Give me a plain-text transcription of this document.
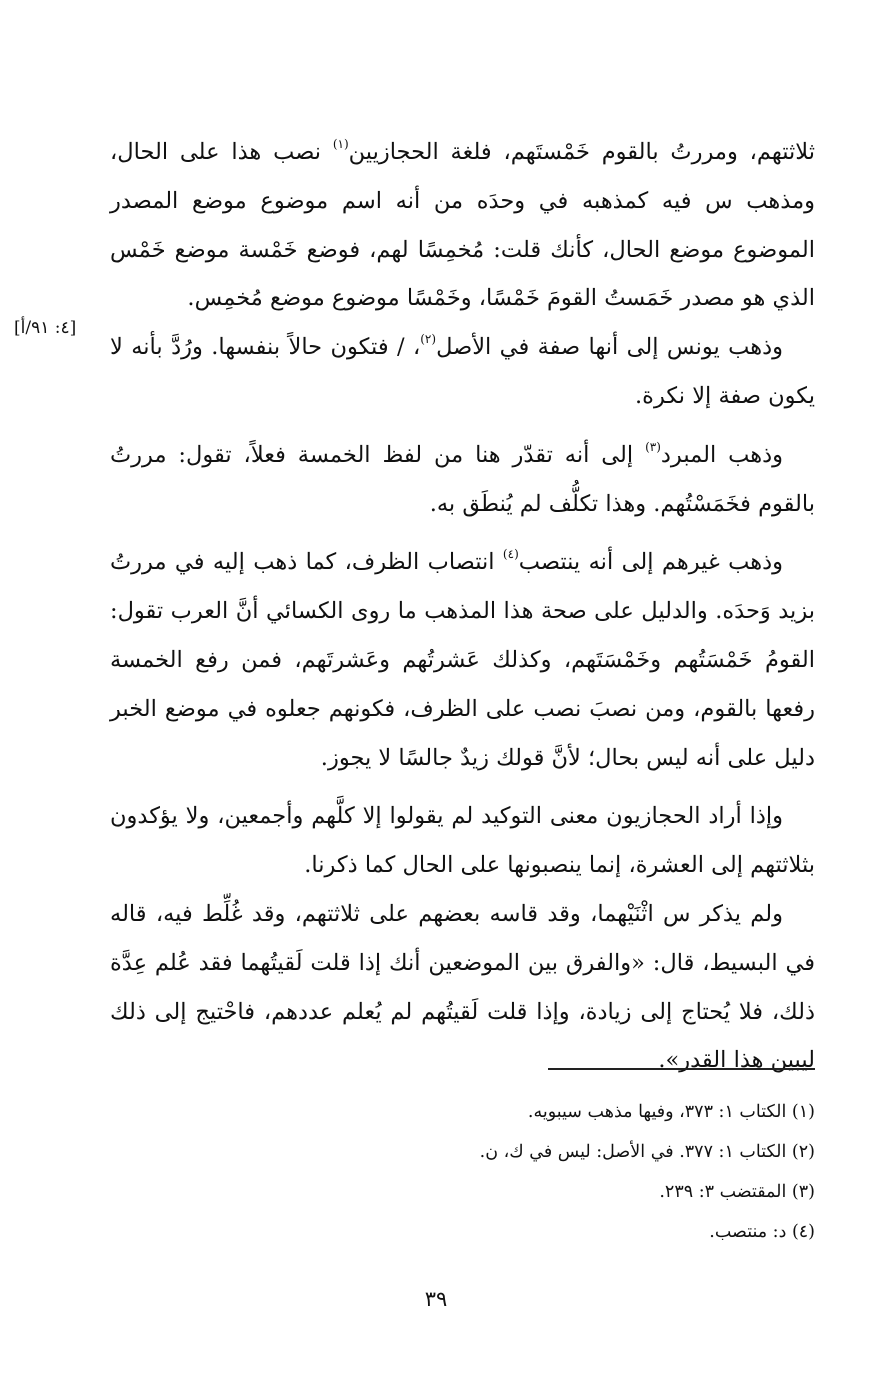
ثلاثتهم، ومررتُ بالقوم خَمْستَهم، فلغة الحجازيين$^{(١)}$ نصب هذا على الحال، ومذهب س فيه كمذهبه في وحدَه من أنه اسم موضوع موضع المصدر الموضوع موضع الحال، كأنك قلت: مُخمِسًا لهم، فوضع خَمْسة موضع خَمْس الذي هو مصدر خَمَستُ القومَ خَمْسًا، وخَمْسًا موضوع موضع مُخمِس.

وذهب يونس إلى أنها صفة في الأصل$^{(٢)}$، / فتكون حالاً بنفسها. ورُدَّ بأنه لا يكون صفة إلا نكرة.

وذهب المبرد$^{(٣)}$ إلى أنه تقدّر هنا من لفظ الخمسة فعلاً، تقول: مررتُ بالقوم فخَمَسْتُهم. وهذا تكلُّف لم يُنطَق به.

وذهب غيرهم إلى أنه ينتصب$^{(٤)}$ انتصاب الظرف، كما ذهب إليه في مررتُ بزيد وَحدَه. والدليل على صحة هذا المذهب ما روى الكسائي أنَّ العرب تقول: القومُ خَمْسَتُهم وخَمْسَتَهم، وكذلك عَشرتُهم وعَشرتَهم، فمن رفع الخمسة رفعها بالقوم، ومن نصبَ نصب على الظرف، فكونهم جعلوه في موضع الخبر دليل على أنه ليس بحال؛ لأنَّ قولك زيدٌ جالسًا لا يجوز.

وإذا أراد الحجازيون معنى التوكيد لم يقولوا إلا كلَّهم وأجمعين، ولا يؤكدون بثلاثتهم إلى العشرة، إنما ينصبونها على الحال كما ذكرنا.

ولم يذكر س اثْنَيْهما، وقد قاسه بعضهم على ثلاثتهم، وقد غُلِّط فيه، قاله في البسيط، قال: «والفرق بين الموضعين أنك إذا قلت لَقيتُهما فقد عُلم عِدَّة ذلك، فلا يُحتاج إلى زيادة، وإذا قلت لَقيتُهم لم يُعلم عددهم، فاحْتيج إلى ذلك ليبين هذا القدر».

[٤: ٩١/أ]

(١) الكتاب ١: ٣٧٣، وفيها مذهب سيبويه.

(٢) الكتاب ١: ٣٧٧. في الأصل: ليس في ك، ن.

(٣) المقتضب ٣: ٢٣٩.

(٤) د: منتصب.

٣٩
